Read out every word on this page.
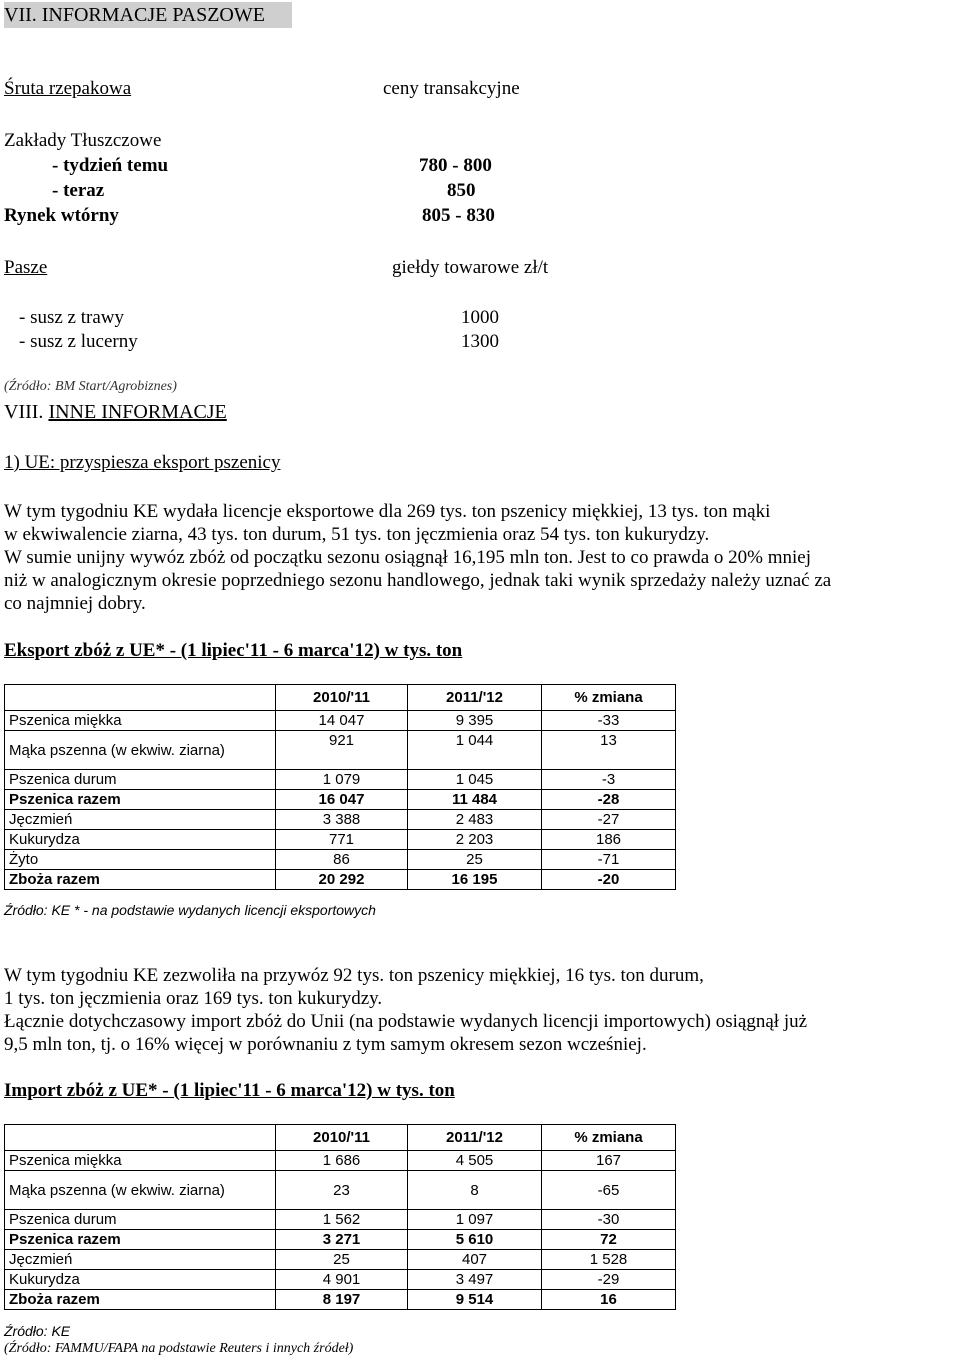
VII. INFORMACJE PASZOWE
Śruta rzepakowa	ceny transakcyjne
Zakłady Tłuszczowe
- tydzień temu	780 - 800
- teraz	850
Rynek wtórny	805 - 830
Pasze	giełdy towarowe zł/t
- susz z trawy	1000
- susz z lucerny	1300
(Źródło: BM Start/Agrobiznes)
VIII. INNE INFORMACJE
1) UE: przyspiesza eksport pszenicy

W tym tygodniu KE wydała licencje eksportowe dla 269 tys. ton pszenicy miękkiej, 13 tys. ton mąki

w ekwiwalencie ziarna, 43 tys. ton durum, 51 tys. ton jęczmienia oraz 54 tys. ton kukurydzy.

W sumie unijny wywóz zbóż od początku sezonu osiągnął 16,195 mln ton. Jest to co prawda o 20% mniej

niż w analogicznym okresie poprzedniego sezonu handlowego, jednak taki wynik sprzedaży należy uznać za

co najmniej dobry.

Eksport zbóż z UE* - (1 lipiec'11 - 6 marca'12) w tys. ton
	2010/'11	2011/'12	% zmiana
Pszenica miękka	14 047	9 395	-33
Mąka pszenna (w ekwiw. ziarna)	921	1 044	13
Pszenica durum	1 079	1 045	-3
Pszenica razem	16 047	11 484	-28
Jęczmień	3 388	2 483	-27
Kukurydza	771	2 203	186
Żyto	86	25	-71
Zboża razem	20 292	16 195	-20
Źródło: KE * - na podstawie wydanych licencji eksportowych

W tym tygodniu KE zezwoliła na przywóz 92 tys. ton pszenicy miękkiej, 16 tys. ton durum,

1 tys. ton jęczmienia oraz 169 tys. ton kukurydzy.

Łącznie dotychczasowy import zbóż do Unii (na podstawie wydanych licencji importowych) osiągnął już

9,5 mln ton, tj. o 16% więcej w porównaniu z tym samym okresem sezon wcześniej.

Import zbóż z UE* - (1 lipiec'11 - 6 marca'12) w tys. ton
	2010/'11	2011/'12	% zmiana
Pszenica miękka	1 686	4 505	167
Mąka pszenna (w ekwiw. ziarna)	23	8	-65
Pszenica durum	1 562	1 097	-30
Pszenica razem	3 271	5 610	72
Jęczmień	25	407	1 528
Kukurydza	4 901	3 497	-29
Zboża razem	8 197	9 514	16
Źródło: KE
(Źródło: FAMMU/FAPA na podstawie Reuters i innych źródeł)
